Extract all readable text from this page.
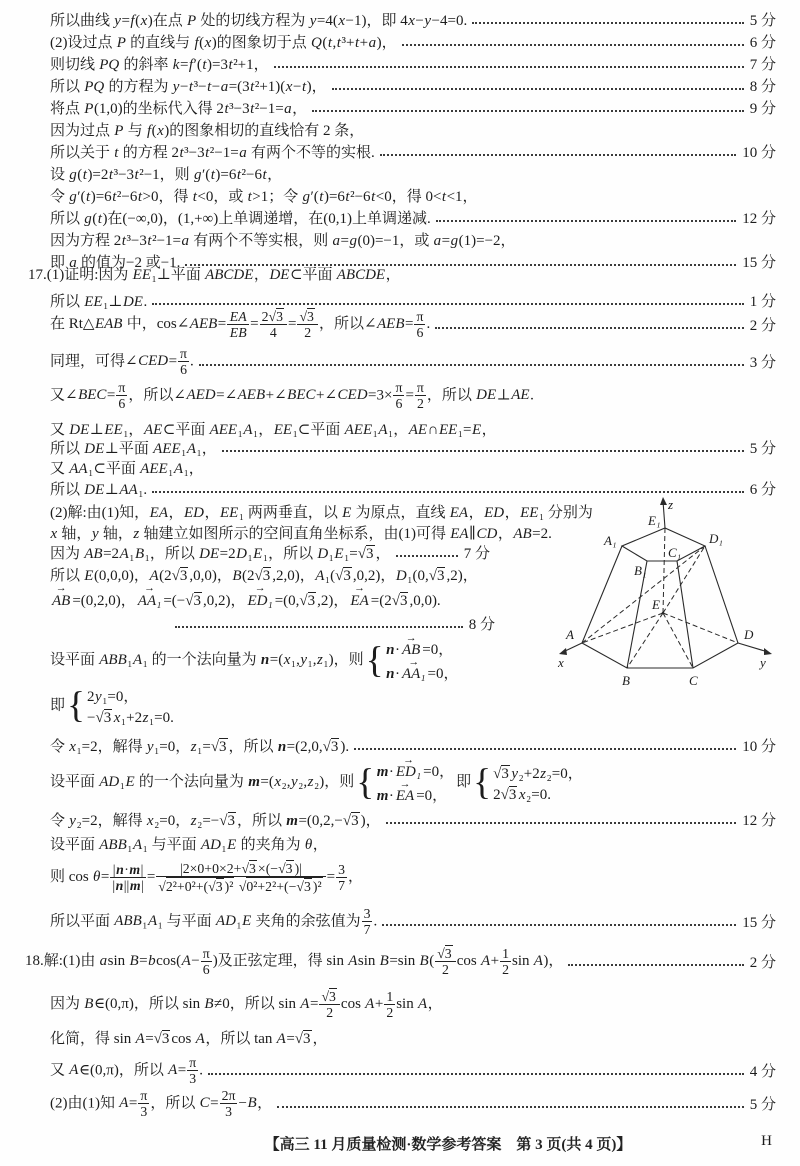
所以曲线 y=f(x)在点 P 处的切线方程为 y=4(x−1)，即 4x−y−4=0.	5 分
(2)设过点 P 的直线与 f(x)的图象切于点 Q(t,t³+t+a)，	6 分
则切线 PQ 的斜率 k=f′(t)=3t²+1，	7 分
所以 PQ 的方程为 y−t³−t−a=(3t²+1)(x−t)，	8 分
将点 P(1,0)的坐标代入得 2t³−3t²−1=a，	9 分
因为过点 P 与 f(x)的图象相切的直线恰有 2 条，
所以关于 t 的方程 2t³−3t²−1=a 有两个不等的实根.	10 分
设 g(t)=2t³−3t²−1，则 g′(t)=6t²−6t，
令 g′(t)=6t²−6t>0，得 t<0，或 t>1；令 g′(t)=6t²−6t<0，得 0<t<1，
所以 g(t)在(−∞,0)，(1,+∞)上单调递增，在(0,1)上单调递减.	12 分
因为方程 2t³−3t²−1=a 有两个不等实根，则 a=g(0)=−1，或 a=g(1)=−2，
即 a 的值为−2 或−1.	15 分
17.(1)证明:因为 EE₁⊥平面 ABCDE，DE⊂平面 ABCDE，
所以 EE₁⊥DE.	1 分
在 Rt△EAB 中，cos∠AEB= $\frac{EA}{EB} = \frac{2 √ 3}{4}$ = √ $\frac{3}{2}$ ，所以∠AEB= $\frac{\pi}{6}$ .	2 分
同理，可得∠CED= $\frac{\pi}{6}$ .	3 分
又∠BEC= $\frac{\pi}{6}$ ，所以∠AED=∠AEB+∠BEC+∠CED=3× $\frac{\pi}{6} = \frac{\pi}{2}$ ，所以 DE⊥AE.
又 DE⊥EE₁，AE⊂平面 AEE₁A₁，EE₁⊂平面 AEE₁A₁，AE∩EE₁=E，
所以 DE⊥平面 AEE₁A₁，	5 分
又 AA₁⊂平面 AEE₁A₁，
所以 DE⊥AA₁.	6 分
(2)解:由(1)知，EA，ED，EE₁ 两两垂直，以 E 为原点，直线 EA，ED，EE₁ 分别为
x 轴，y 轴，z 轴建立如图所示的空间直角坐标系，由(1)可得 EA∥CD，AB=2.
因为 AB=2A₁B₁，所以 DE=2D₁E₁，所以 D₁E₁= √ 3 ，	7 分
所以 E(0,0,0)，A(2 √ 3 ,0,0)，B(2 √ 3 ,2,0)，A₁( √ 3 ,0,2)，D₁(0, √ 3 ,2)，
AB → =(0,2,0)， AA₁ → =(− √ 3 ,0,2)， ED₁ → =(0, √ 3 ,2)， EA → =(2 √ 3 ,0,0).
8 分
设平面 ABB₁A₁ 的一个法向量为 n=(x₁,y₁,z₁)，则
{ n· AB → =0，
n· AA₁ → =0，
即
{ 2y₁=0，
− √ 3 x₁+2z₁=0.
令 x₁=2，解得 y₁=0，z₁= √ 3 ，所以 n=(2,0, √ 3 ).	10 分
设平面 AD₁E 的一个法向量为 m=(x₂,y₂,z₂)，则
{ m· ED₁ → =0，
m· EA → =0，
即
{ √ 3 y₂+2z₂=0，
2 √ 3 x₂=0.
令 y₂=2，解得 x₂=0，z₂=− √ 3 ，所以 m=(0,2,− √ 3 )，	12 分
设平面 ABB₁A₁ 与平面 AD₁E 的夹角为 θ，
则 $\cos \theta= \frac{|n\cdot m|}{|n||m|} = |2\times 0+0\times 2+$ √ 3 ×(− √ 3 )|
√ 2²+0²+( √ 3 )² √ 0²+2²+(− √ 3 )$^2 = \frac{3}{7}$ ，
所以平面 ABB₁A₁ 与平面 AD₁E 夹角的余弦值为 $\frac{3}{7}$ .	15 分
18.解:(1)由 asin $B=bcos(A- \frac{\pi}{6}$ )及正弦定理，得 sin Asin B=sin B( √ $\frac{3}{2}$ $\cos A+ \frac{1}{2}$ sin A)，	2 分
因为 B∈(0,π)，所以 sin B≠0，所以 sin A= √ $\frac{3}{2}$ $\cos A+ \frac{1}{2}$ sin A，
化简，得 sin A= √ 3 cos A，所以 tan A= √ 3 ，
又 A∈(0,π)，所以 $A= \frac{\pi}{3}$ .	4 分
(2)由(1)知 $A= \frac{\pi}{3}$ ，所以 $C= \frac{2\pi}{3} -B$，	5 分
z
E₁
A₁
B₁
C₁
D₁
E
A
B	C
D
x	y
【高三 11 月质量检测·数学参考答案　第 3 页(共 4 页)】	H
